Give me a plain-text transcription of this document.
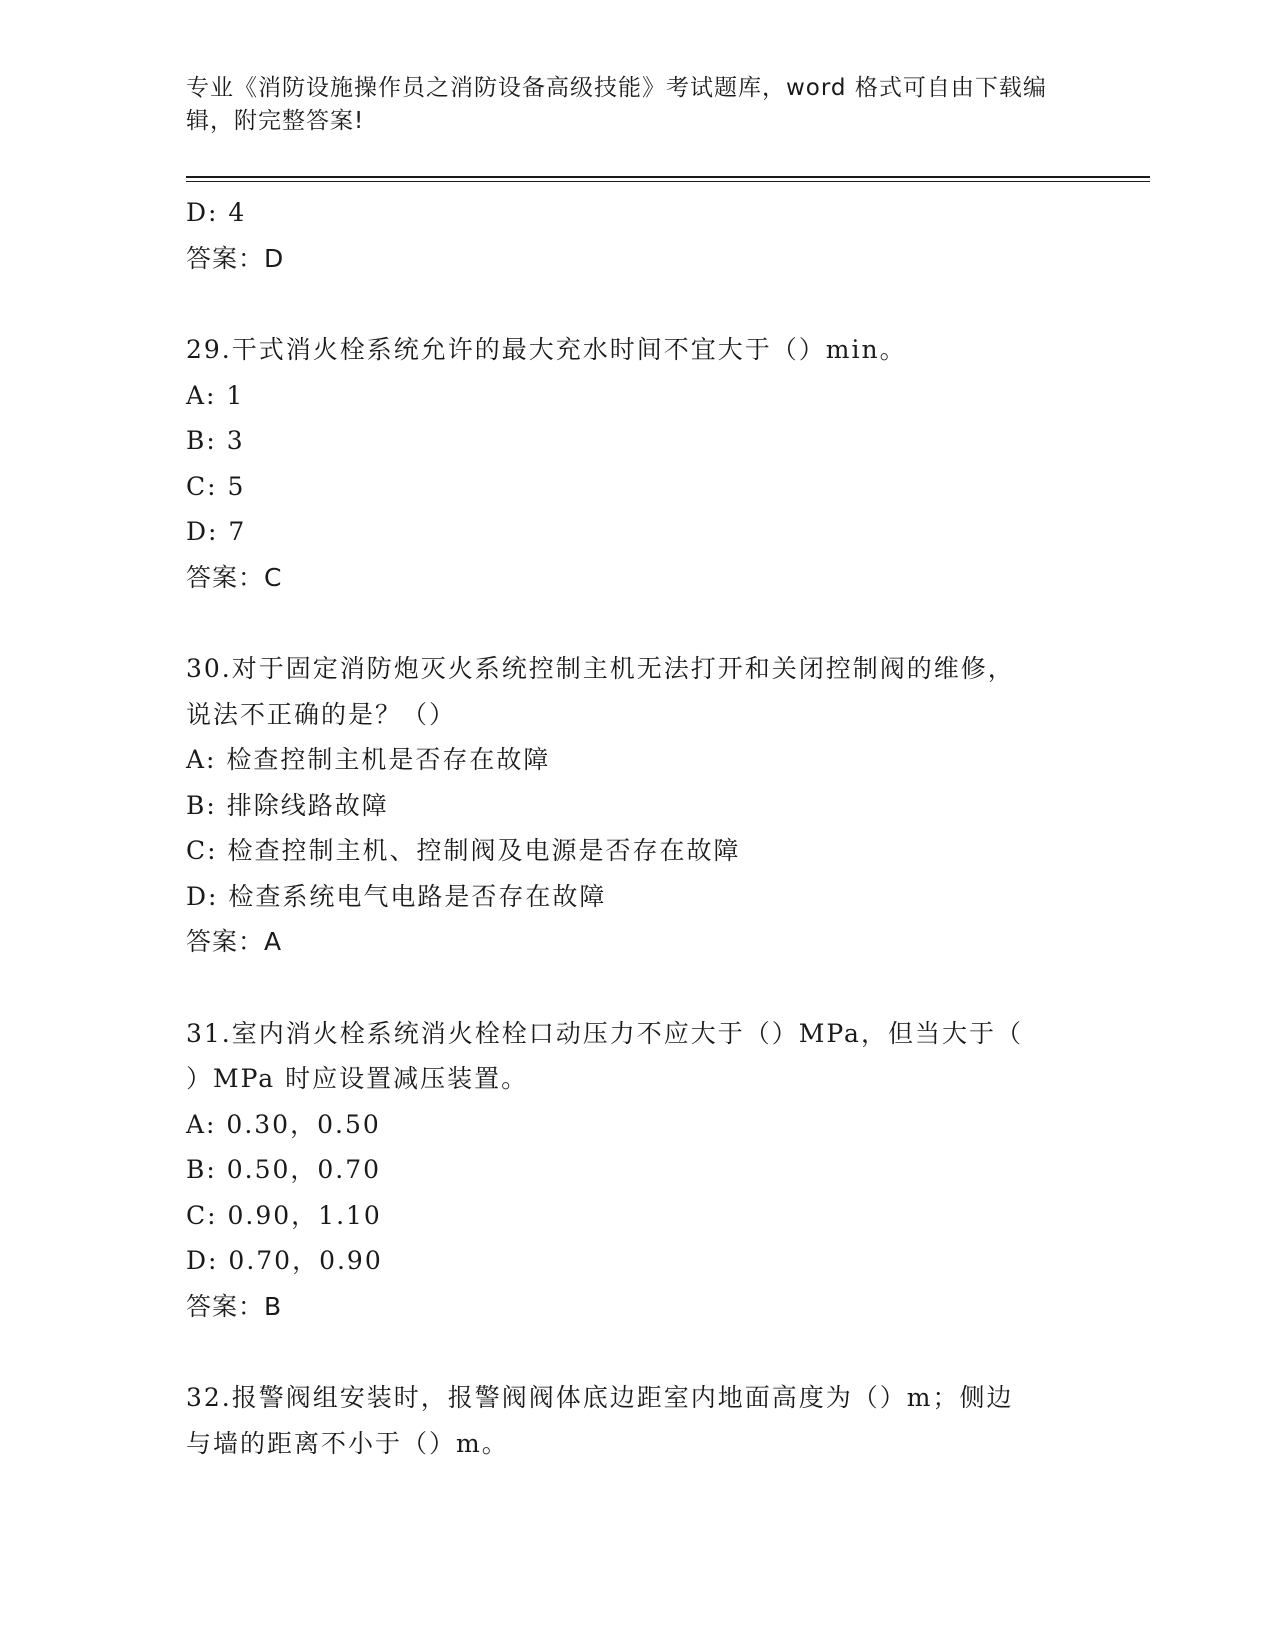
专业《消防设施操作员之消防设备高级技能》考试题库，word 格式可自由下载编
辑，附完整答案!
D: 4
答案：D
29.干式消火栓系统允许的最大充水时间不宜大于（）min。
A: 1
B: 3
C: 5
D: 7
答案：C
30.对于固定消防炮灭火系统控制主机无法打开和关闭控制阀的维修，
说法不正确的是？（）
A: 检查控制主机是否存在故障
B: 排除线路故障
C: 检查控制主机、控制阀及电源是否存在故障
D: 检查系统电气电路是否存在故障
答案：A
31.室内消火栓系统消火栓栓口动压力不应大于（）MPa，但当大于（
）MPa 时应设置减压装置。
A: 0.30，0.50
B: 0.50，0.70
C: 0.90，1.10
D: 0.70，0.90
答案：B
32.报警阀组安装时，报警阀阀体底边距室内地面高度为（）m；侧边
与墙的距离不小于（）m。
